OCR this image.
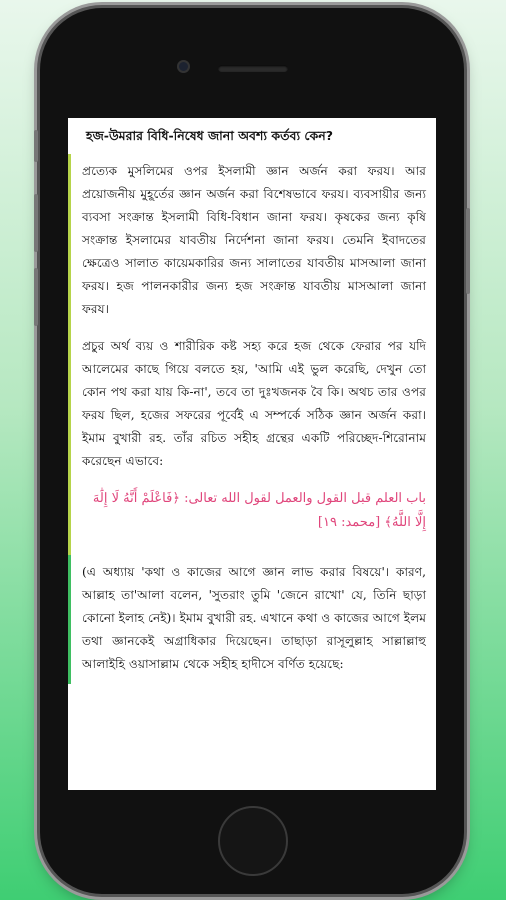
হজ-উমরার বিধি-নিষেধ জানা অবশ্য কর্তব্য কেন?

প্রত্যেক মুসলিমের ওপর ইসলামী জ্ঞান অর্জন করা ফরয। আর প্রয়োজনীয় মুহূর্তের জ্ঞান অর্জন করা বিশেষভাবে ফরয। ব্যবসায়ীর জন্য ব্যবসা সংক্রান্ত ইসলামী বিধি-বিধান জানা ফরয। কৃষকের জন্য কৃষি সংক্রান্ত ইসলামের যাবতীয় নির্দেশনা জানা ফরয। তেমনি ইবাদতের ক্ষেত্রেও সালাত কায়েমকারির জন্য সালাতের যাবতীয় মাসআলা জানা ফরয। হজ পালনকারীর জন্য হজ সংক্রান্ত যাবতীয় মাসআলা জানা ফরয।

প্রচুর অর্থ ব্যয় ও শারীরিক কষ্ট সহ্য করে হজ থেকে ফেরার পর যদি আলেমের কাছে গিয়ে বলতে হয়, 'আমি এই ভুল করেছি, দেখুন তো কোন পথ করা যায় কি-না', তবে তা দুঃখজনক বৈ কি। অথচ তার ওপর ফরয ছিল, হজের সফরের পূর্বেই এ সম্পর্কে সঠিক জ্ঞান অর্জন করা। ইমাম বুখারী রহ. তাঁর রচিত সহীহ গ্রন্থের একটি পরিচ্ছেদ-শিরোনাম করেছেন এভাবে:

باب العلم قبل القول والعمل لقول الله تعالى: ﴿فَاعْلَمْ أَنَّهُ لَا إِلَٰهَ إِلَّا اللَّهُ﴾ [محمد: ١٩]

(এ অধ্যায় 'কথা ও কাজের আগে জ্ঞান লাভ করার বিষয়ে'। কারণ, আল্লাহ তা'আলা বলেন, 'সুতরাং তুমি 'জেনে রাখো' যে, তিনি ছাড়া কোনো ইলাহ নেই)। ইমাম বুখারী রহ. এখানে কথা ও কাজের আগে ইলম তথা জ্ঞানকেই অগ্রাধিকার দিয়েছেন। তাছাড়া রাসূলুল্লাহ সাল্লাল্লাহু আলাইহি ওয়াসাল্লাম থেকে সহীহ হাদীসে বর্ণিত হয়েছে:
